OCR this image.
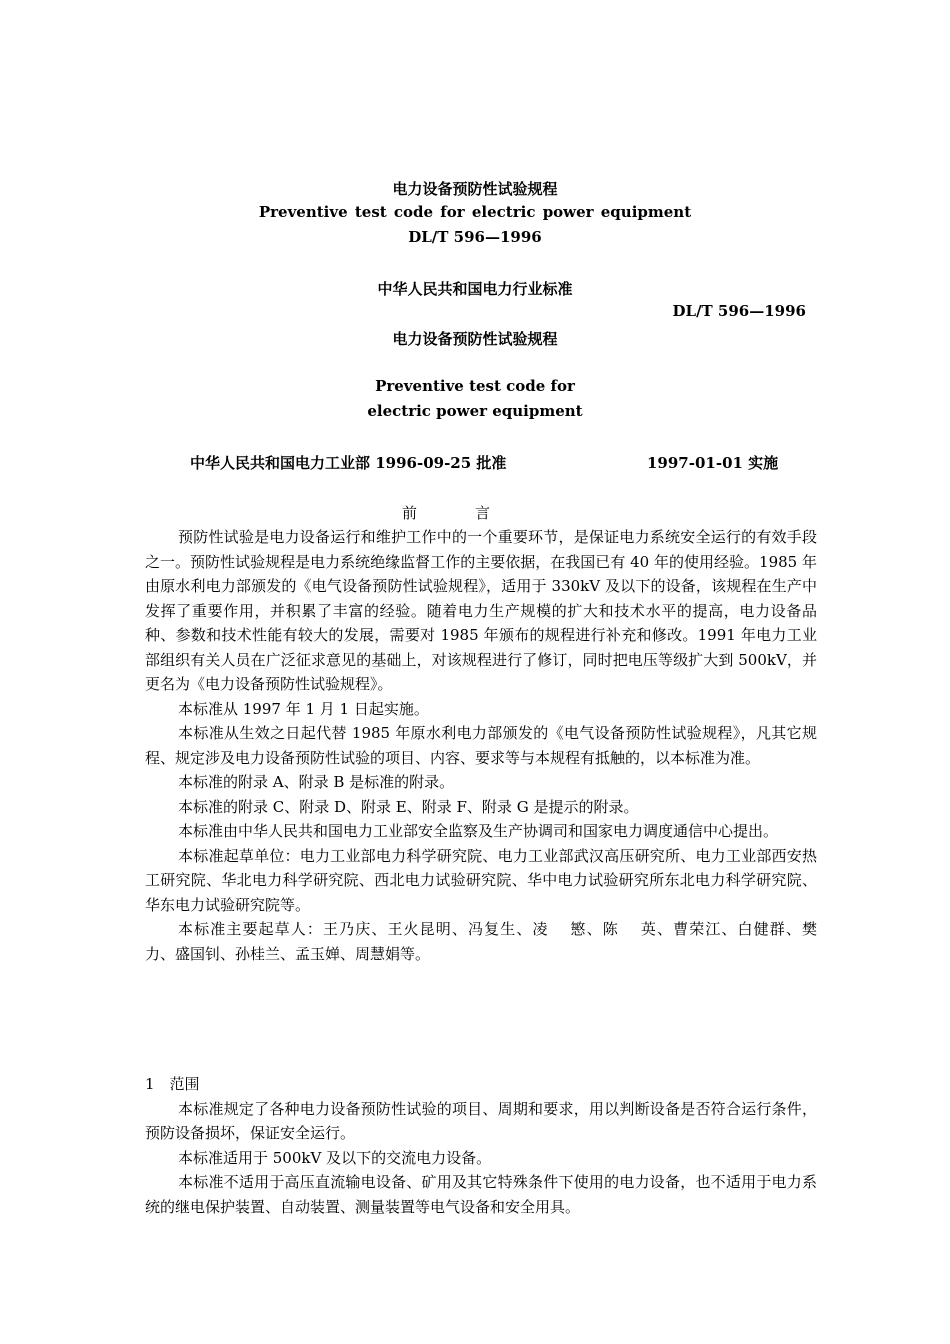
电力设备预防性试验规程
Preventive test code for electric power equipment
DL/T 596—1996
中华人民共和国电力行业标准
DL/T 596—1996
电力设备预防性试验规程
Preventive test code for
electric power equipment
中华人民共和国电力工业部 1996-09-25 批准	1997-01-01 实施
前言

预防性试验是电力设备运行和维护工作中的一个重要环节，是保证电力系统安全运行的有效手段之一。预防性试验规程是电力系统绝缘监督工作的主要依据，在我国已有 40 年的使用经验。1985 年由原水利电力部颁发的《电气设备预防性试验规程》，适用于 330kV 及以下的设备，该规程在生产中发挥了重要作用，并积累了丰富的经验。随着电力生产规模的扩大和技术水平的提高，电力设备品种、参数和技术性能有较大的发展，需要对 1985 年颁布的规程进行补充和修改。1991 年电力工业部组织有关人员在广泛征求意见的基础上，对该规程进行了修订，同时把电压等级扩大到 500kV，并更名为《电力设备预防性试验规程》。

本标准从 1997 年 1 月 1 日起实施。

本标准从生效之日起代替 1985 年原水利电力部颁发的《电气设备预防性试验规程》，凡其它规程、规定涉及电力设备预防性试验的项目、内容、要求等与本规程有抵触的，以本标准为准。

本标准的附录 A、附录 B 是标准的附录。

本标准的附录 C、附录 D、附录 E、附录 F、附录 G 是提示的附录。

本标准由中华人民共和国电力工业部安全监察及生产协调司和国家电力调度通信中心提出。

本标准起草单位：电力工业部电力科学研究院、电力工业部武汉高压研究所、电力工业部西安热工研究院、华北电力科学研究院、西北电力试验研究院、华中电力试验研究所东北电力科学研究院、华东电力试验研究院等。

本标准主要起草人：王乃庆、王火昆明、冯复生、凌　 慜、陈　 英、曹荣江、白健群、樊　力、盛国钊、孙桂兰、孟玉婵、周慧娟等。

1　范围

本标准规定了各种电力设备预防性试验的项目、周期和要求，用以判断设备是否符合运行条件，预防设备损坏，保证安全运行。

本标准适用于 500kV 及以下的交流电力设备。

本标准不适用于高压直流输电设备、矿用及其它特殊条件下使用的电力设备，也不适用于电力系统的继电保护装置、自动装置、测量装置等电气设备和安全用具。
